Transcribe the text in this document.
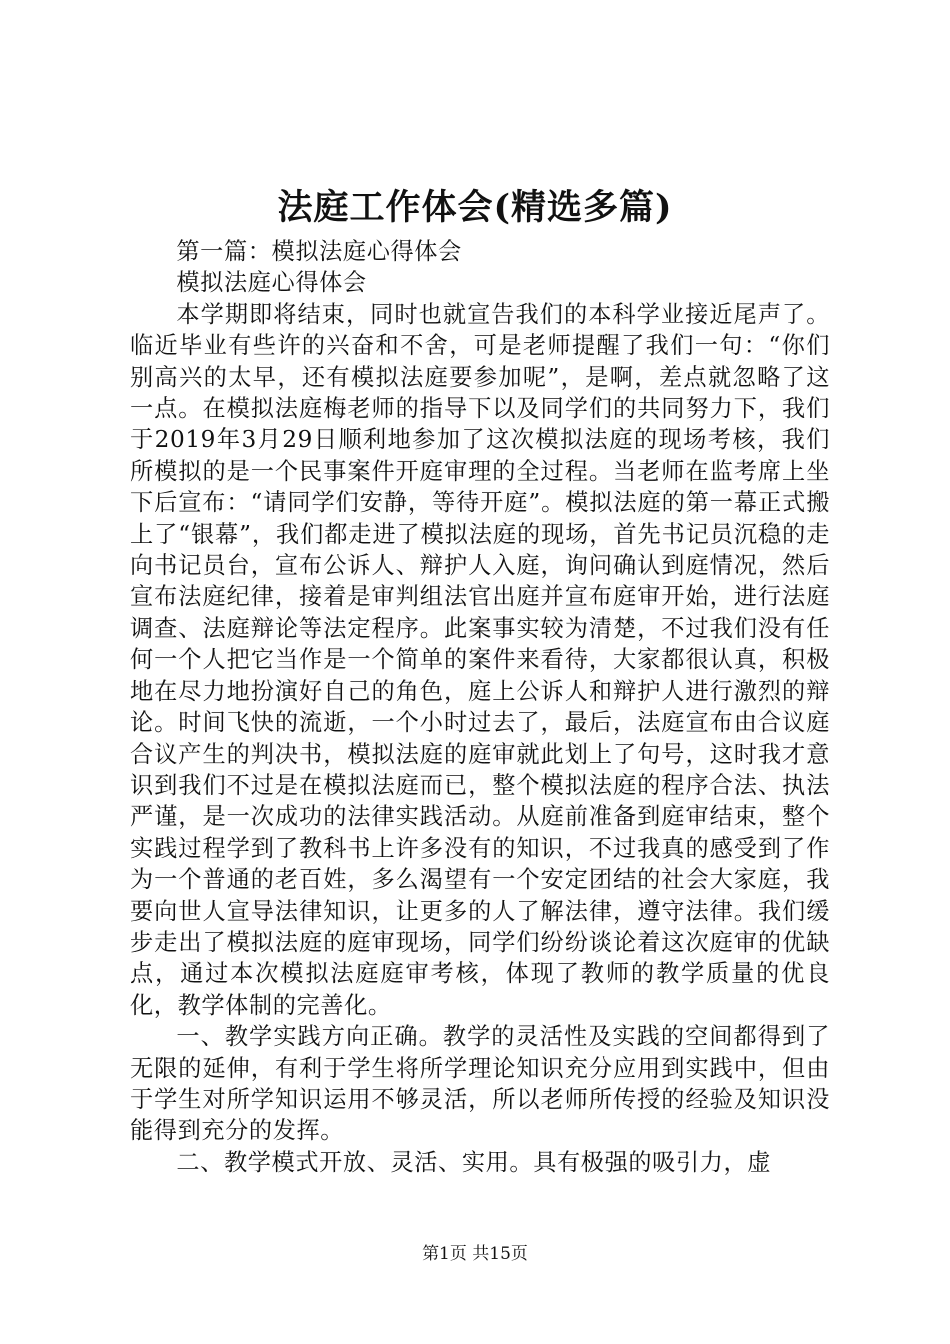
法庭工作体会(精选多篇)

第一篇：模拟法庭心得体会

模拟法庭心得体会

本学期即将结束，同时也就宣告我们的本科学业接近尾声了。临近毕业有些许的兴奋和不舍，可是老师提醒了我们一句：“你们别高兴的太早，还有模拟法庭要参加呢”，是啊，差点就忽略了这一点。在模拟法庭梅老师的指导下以及同学们的共同努力下，我们于2019年3月29日顺利地参加了这次模拟法庭的现场考核，我们所模拟的是一个民事案件开庭审理的全过程。当老师在监考席上坐下后宣布：“请同学们安静，等待开庭”。模拟法庭的第一幕正式搬上了“银幕”，我们都走进了模拟法庭的现场，首先书记员沉稳的走向书记员台，宣布公诉人、辩护人入庭，询问确认到庭情况，然后宣布法庭纪律，接着是审判组法官出庭并宣布庭审开始，进行法庭调查、法庭辩论等法定程序。此案事实较为清楚，不过我们没有任何一个人把它当作是一个简单的案件来看待，大家都很认真，积极地在尽力地扮演好自己的角色，庭上公诉人和辩护人进行激烈的辩论。时间飞快的流逝，一个小时过去了，最后，法庭宣布由合议庭合议产生的判决书，模拟法庭的庭审就此划上了句号，这时我才意识到我们不过是在模拟法庭而已，整个模拟法庭的程序合法、执法严谨，是一次成功的法律实践活动。从庭前准备到庭审结束，整个实践过程学到了教科书上许多没有的知识，不过我真的感受到了作为一个普通的老百姓，多么渴望有一个安定团结的社会大家庭，我要向世人宣导法律知识，让更多的人了解法律，遵守法律。我们缓步走出了模拟法庭的庭审现场，同学们纷纷谈论着这次庭审的优缺点，通过本次模拟法庭庭审考核，体现了教师的教学质量的优良化，教学体制的完善化。

一、教学实践方向正确。教学的灵活性及实践的空间都得到了无限的延伸，有利于学生将所学理论知识充分应用到实践中，但由于学生对所学知识运用不够灵活，所以老师所传授的经验及知识没能得到充分的发挥。

二、教学模式开放、灵活、实用。具有极强的吸引力，虚

第1页 共15页
